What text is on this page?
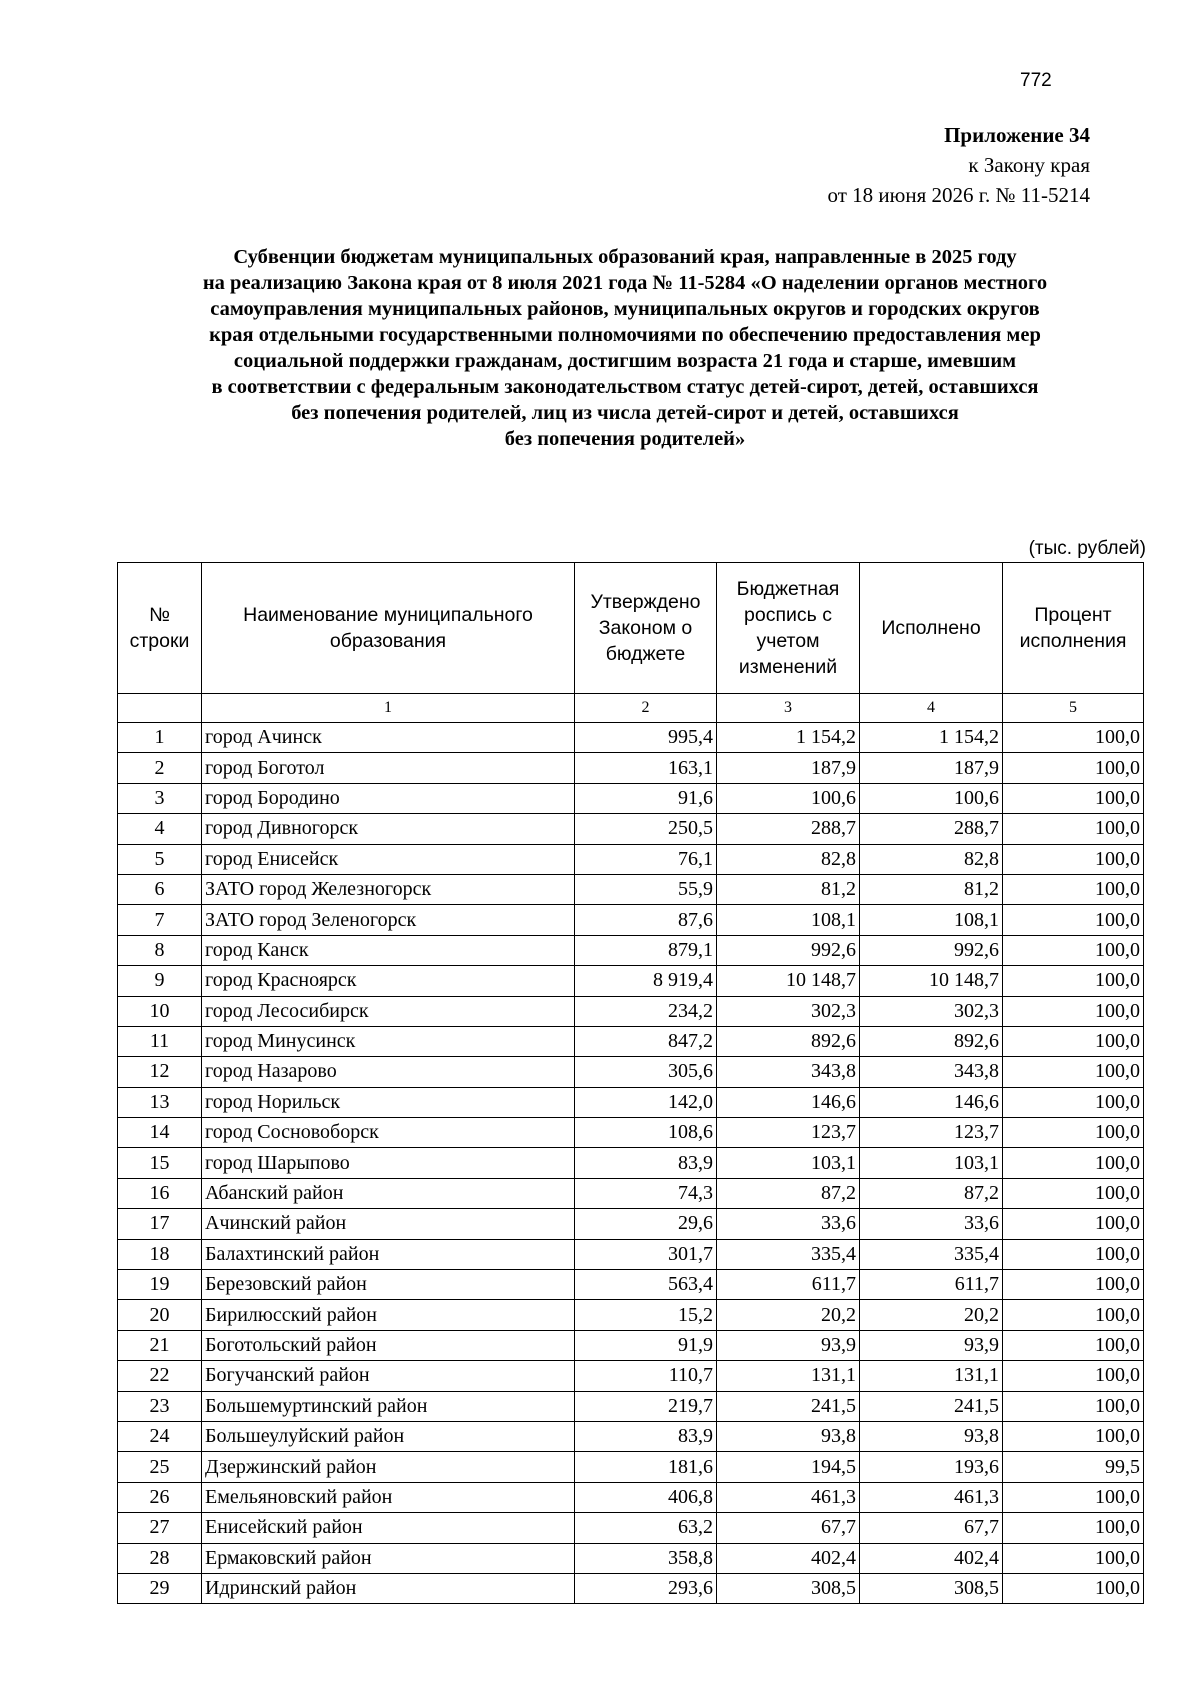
772
Приложение 34
к Закону края
от 18 июня 2026 г. № 11-5214
Субвенции бюджетам муниципальных образований края, направленные в 2025 году
на реализацию Закона края от 8 июля 2021 года № 11-5284 «О наделении органов местного
самоуправления муниципальных районов, муниципальных округов и городских округов
края отдельными государственными полномочиями по обеспечению предоставления мер
социальной поддержки гражданам, достигшим возраста 21 года и старше, имевшим
в соответствии с федеральным законодательством статус детей-сирот, детей, оставшихся
без попечения родителей, лиц из числа детей-сирот и детей, оставшихся
без попечения родителей»
(тыс. рублей)
№ строки	Наименование муниципального образования	Утверждено Законом о бюджете	Бюджетная роспись с учетом изменений	Исполнено	Процент исполнения
	1	2	3	4	5
1	город Ачинск	995,4	1 154,2	1 154,2	100,0
2	город Боготол	163,1	187,9	187,9	100,0
3	город Бородино	91,6	100,6	100,6	100,0
4	город Дивногорск	250,5	288,7	288,7	100,0
5	город Енисейск	76,1	82,8	82,8	100,0
6	ЗАТО город Железногорск	55,9	81,2	81,2	100,0
7	ЗАТО город Зеленогорск	87,6	108,1	108,1	100,0
8	город Канск	879,1	992,6	992,6	100,0
9	город Красноярск	8 919,4	10 148,7	10 148,7	100,0
10	город Лесосибирск	234,2	302,3	302,3	100,0
11	город Минусинск	847,2	892,6	892,6	100,0
12	город Назарово	305,6	343,8	343,8	100,0
13	город Норильск	142,0	146,6	146,6	100,0
14	город Сосновоборск	108,6	123,7	123,7	100,0
15	город Шарыпово	83,9	103,1	103,1	100,0
16	Абанский район	74,3	87,2	87,2	100,0
17	Ачинский район	29,6	33,6	33,6	100,0
18	Балахтинский район	301,7	335,4	335,4	100,0
19	Березовский район	563,4	611,7	611,7	100,0
20	Бирилюсский район	15,2	20,2	20,2	100,0
21	Боготольский район	91,9	93,9	93,9	100,0
22	Богучанский район	110,7	131,1	131,1	100,0
23	Большемуртинский район	219,7	241,5	241,5	100,0
24	Большеулуйский район	83,9	93,8	93,8	100,0
25	Дзержинский район	181,6	194,5	193,6	99,5
26	Емельяновский район	406,8	461,3	461,3	100,0
27	Енисейский район	63,2	67,7	67,7	100,0
28	Ермаковский район	358,8	402,4	402,4	100,0
29	Идринский район	293,6	308,5	308,5	100,0
